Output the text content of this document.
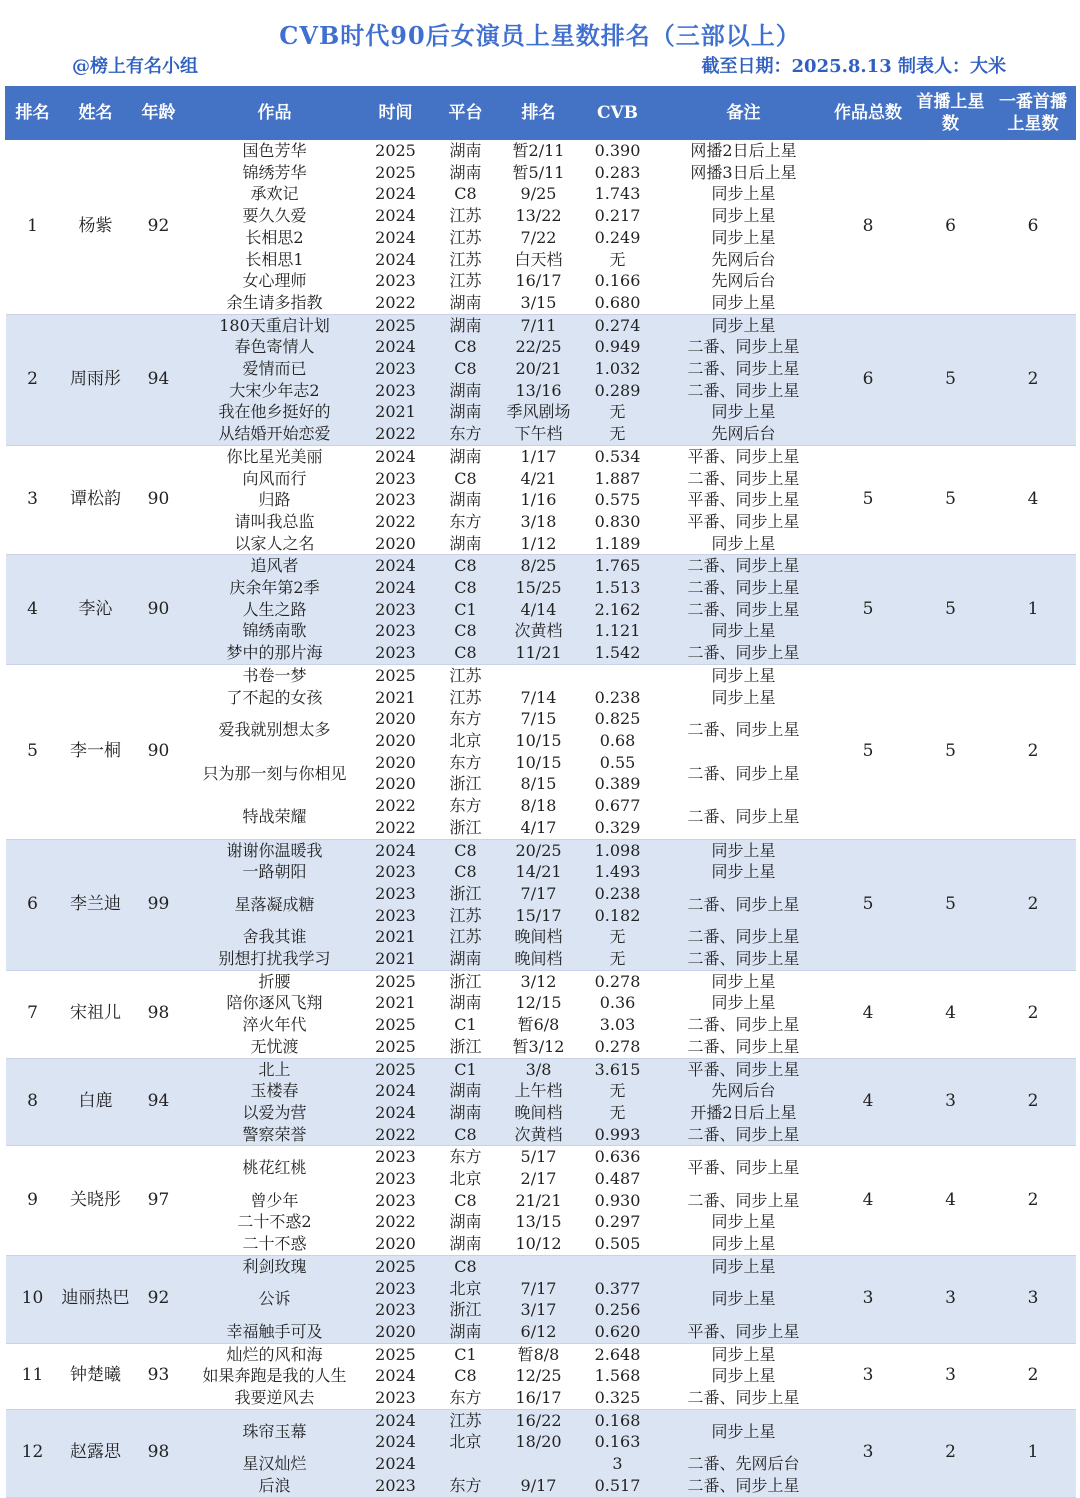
CVB时代90后女演员上星数排名（三部以上）
@榜上有名小组	截至日期：2025.8.13 制表人：大米
排名	姓名	年龄	作品	时间	平台	排名	CVB	备注	作品总数	首播上星数	一番首播上星数
1	杨紫	92	国色芳华	2025	湖南	暂2/11	0.390	网播2日后上星	8	6	6
			锦绣芳华	2025	湖南	暂5/11	0.283	网播3日后上星			
			承欢记	2024	C8	9/25	1.743	同步上星			
			要久久爱	2024	江苏	13/22	0.217	同步上星			
			长相思2	2024	江苏	7/22	0.249	同步上星			
			长相思1	2024	江苏	白天档	无	先网后台			
			女心理师	2023	江苏	16/17	0.166	先网后台			
			余生请多指教	2022	湖南	3/15	0.680	同步上星			
2	周雨彤	94	180天重启计划	2025	湖南	7/11	0.274	同步上星	6	5	2
			春色寄情人	2024	C8	22/25	0.949	二番、同步上星			
			爱情而已	2023	C8	20/21	1.032	二番、同步上星			
			大宋少年志2	2023	湖南	13/16	0.289	二番、同步上星			
			我在他乡挺好的	2021	湖南	季风剧场	无	同步上星			
			从结婚开始恋爱	2022	东方	下午档	无	先网后台			
3	谭松韵	90	你比星光美丽	2024	湖南	1/17	0.534	平番、同步上星	5	5	4
			向风而行	2023	C8	4/21	1.887	二番、同步上星			
			归路	2023	湖南	1/16	0.575	平番、同步上星			
			请叫我总监	2022	东方	3/18	0.830	平番、同步上星			
			以家人之名	2020	湖南	1/12	1.189	同步上星			
4	李沁	90	追风者	2024	C8	8/25	1.765	二番、同步上星	5	5	1
			庆余年第2季	2024	C8	15/25	1.513	二番、同步上星			
			人生之路	2023	C1	4/14	2.162	二番、同步上星			
			锦绣南歌	2023	C8	次黄档	1.121	同步上星			
			梦中的那片海	2023	C8	11/21	1.542	二番、同步上星			
5	李一桐	90	书卷一梦	2025	江苏			同步上星	5	5	2
			了不起的女孩	2021	江苏	7/14	0.238	同步上星			
			爱我就别想太多	2020	东方	7/15	0.825	二番、同步上星			
				2020	北京	10/15	0.68				
			只为那一刻与你相见	2020	东方	10/15	0.55	二番、同步上星			
				2020	浙江	8/15	0.389				
			特战荣耀	2022	东方	8/18	0.677	二番、同步上星			
				2022	浙江	4/17	0.329				
6	李兰迪	99	谢谢你温暖我	2024	C8	20/25	1.098	同步上星	5	5	2
			一路朝阳	2023	C8	14/21	1.493	同步上星			
			星落凝成糖	2023	浙江	7/17	0.238	二番、同步上星			
				2023	江苏	15/17	0.182				
			舍我其谁	2021	江苏	晚间档	无	二番、同步上星			
			别想打扰我学习	2021	湖南	晚间档	无	二番、同步上星			
7	宋祖儿	98	折腰	2025	浙江	3/12	0.278	同步上星	4	4	2
			陪你逐风飞翔	2021	湖南	12/15	0.36	同步上星			
			淬火年代	2025	C1	暂6/8	3.03	二番、同步上星			
			无忧渡	2025	浙江	暂3/12	0.278	二番、同步上星			
8	白鹿	94	北上	2025	C1	3/8	3.615	平番、同步上星	4	3	2
			玉楼春	2024	湖南	上午档	无	先网后台			
			以爱为营	2024	湖南	晚间档	无	开播2日后上星			
			警察荣誉	2022	C8	次黄档	0.993	二番、同步上星			
9	关晓彤	97	桃花红桃	2023	东方	5/17	0.636	平番、同步上星	4	4	2
				2023	北京	2/17	0.487				
			曾少年	2023	C8	21/21	0.930	二番、同步上星			
			二十不惑2	2022	湖南	13/15	0.297	同步上星			
			二十不惑	2020	湖南	10/12	0.505	同步上星			
10	迪丽热巴	92	利剑玫瑰	2025	C8			同步上星	3	3	3
			公诉	2023	北京	7/17	0.377	同步上星			
				2023	浙江	3/17	0.256				
			幸福触手可及	2020	湖南	6/12	0.620	平番、同步上星			
11	钟楚曦	93	灿烂的风和海	2025	C1	暂8/8	2.648	同步上星	3	3	2
			如果奔跑是我的人生	2024	C8	12/25	1.568	同步上星			
			我要逆风去	2023	东方	16/17	0.325	二番、同步上星			
12	赵露思	98	珠帘玉幕	2024	江苏	16/22	0.168	同步上星	3	2	1
				2024	北京	18/20	0.163				
			星汉灿烂	2024			3	二番、先网后台			
			后浪	2023	东方	9/17	0.517	二番、同步上星			
